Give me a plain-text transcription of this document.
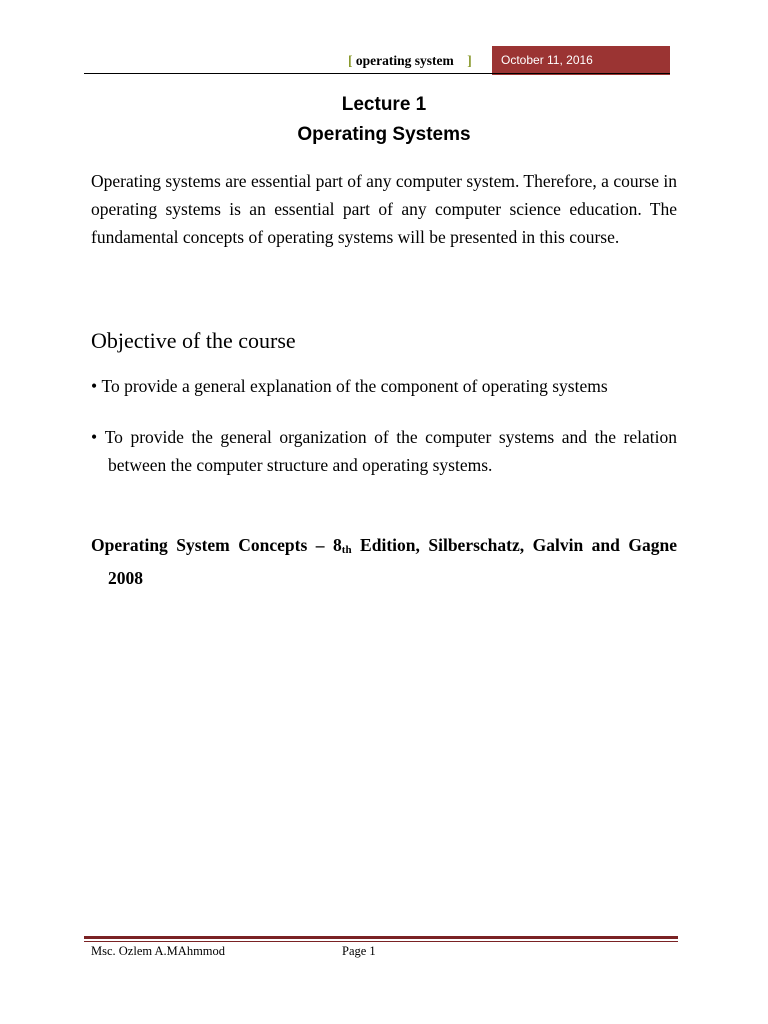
[ operating system ]	October 11, 2016
Lecture 1
Operating Systems
Operating systems are essential part of any computer system. Therefore, a course in operating systems is an essential part of any computer science education. The fundamental concepts of operating systems will be presented in this course.
Objective of the course
• To provide a general explanation of the component of operating systems
• To provide the general organization of the computer systems and the relation between the computer structure and operating systems.
Operating System Concepts – $8_{th}$ Edition, Silberschatz, Galvin and Gagne 2008
Msc. Ozlem A.MAhmmod	Page 1
